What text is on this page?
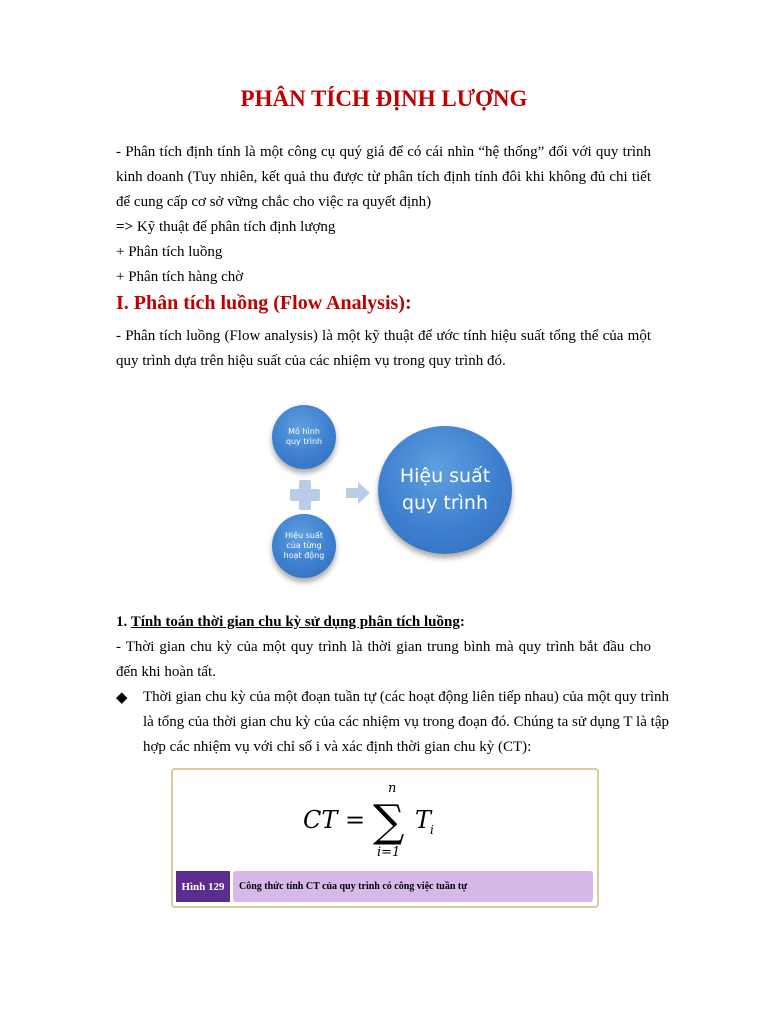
PHÂN TÍCH ĐỊNH LƯỢNG

- Phân tích định tính là một công cụ quý giá để có cái nhìn “hệ thống” đối với quy trình kinh doanh (Tuy nhiên, kết quả thu được từ phân tích định tính đôi khi không đủ chi tiết để cung cấp cơ sở vững chắc cho việc ra quyết định)

=> Kỹ thuật để phân tích định lượng

+ Phân tích luồng

+ Phân tích hàng chờ

I. Phân tích luồng (Flow Analysis):

- Phân tích luồng (Flow analysis) là một kỹ thuật để ước tính hiệu suất tổng thể của một quy trình dựa trên hiệu suất của các nhiệm vụ trong quy trình đó.

Mô hình quy trình
Hiệu suất của từng hoạt động
Hiệu suất quy trình

1. Tính toán thời gian chu kỳ sử dụng phân tích luồng:

- Thời gian chu kỳ của một quy trình là thời gian trung bình mà quy trình bắt đầu cho đến khi hoàn tất.

◆ Thời gian chu kỳ của một đoạn tuần tự (các hoạt động liên tiếp nhau) của một quy trình là tổng của thời gian chu kỳ của các nhiệm vụ trong đoạn đó. Chúng ta sử dụng T là tập hợp các nhiệm vụ với chỉ số i và xác định thời gian chu kỳ (CT):

CT = ∑
n
i=1
T
i
Hình 129	Công thức tính CT của quy trình có công việc tuần tự
